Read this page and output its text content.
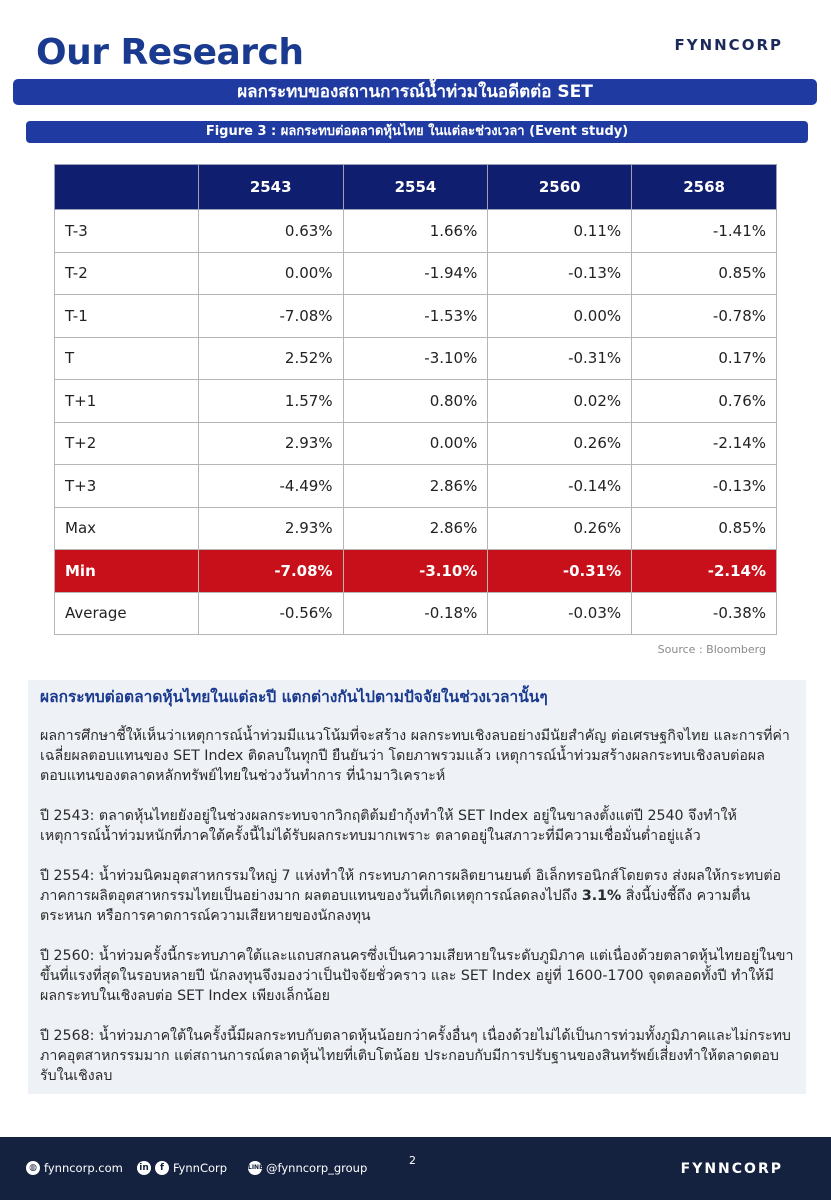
Our Research	FYNNCORP
ผลกระทบของสถานการณ์น้ำท่วมในอดีตต่อ SET
Figure 3 : ผลกระทบต่อตลาดหุ้นไทย ในแต่ละช่วงเวลา (Event study)
	2543	2554	2560	2568
T-3	0.63%	1.66%	0.11%	-1.41%
T-2	0.00%	-1.94%	-0.13%	0.85%
T-1	-7.08%	-1.53%	0.00%	-0.78%
T	2.52%	-3.10%	-0.31%	0.17%
T+1	1.57%	0.80%	0.02%	0.76%
T+2	2.93%	0.00%	0.26%	-2.14%
T+3	-4.49%	2.86%	-0.14%	-0.13%
Max	2.93%	2.86%	0.26%	0.85%
Min	-7.08%	-3.10%	-0.31%	-2.14%
Average	-0.56%	-0.18%	-0.03%	-0.38%
Source : Bloomberg
ผลกระทบต่อตลาดหุ้นไทยในแต่ละปี แตกต่างกันไปตามปัจจัยในช่วงเวลานั้นๆ

ผลการศึกษาชี้ให้เห็นว่าเหตุการณ์น้ำท่วมมีแนวโน้มที่จะสร้าง ผลกระทบเชิงลบอย่างมีนัยสำคัญ ต่อเศรษฐกิจไทย และการที่ค่าเฉลี่ยผลตอบแทนของ SET Index ติดลบในทุกปี ยืนยันว่า โดยภาพรวมแล้ว เหตุการณ์น้ำท่วมสร้างผลกระทบเชิงลบต่อผลตอบแทนของตลาดหลักทรัพย์ไทยในช่วงวันทำการ ที่นำมาวิเคราะห์

ปี 2543: ตลาดหุ้นไทยยังอยู่ในช่วงผลกระทบจากวิกฤติต้มยำกุ้งทำให้ SET Index อยู่ในขาลงตั้งแต่ปี 2540 จึงทำให้เหตุการณ์น้ำท่วมหนักที่ภาคใต้ครั้งนี้ไม่ได้รับผลกระทบมากเพราะ ตลาดอยู่ในสภาวะที่มีความเชื่อมั่นต่ำอยู่แล้ว

ปี 2554: น้ำท่วมนิคมอุตสาหกรรมใหญ่ 7 แห่งทำให้ กระทบภาคการผลิตยานยนต์ อิเล็กทรอนิกส์โดยตรง ส่งผลให้กระทบต่อภาคการผลิตอุตสาหกรรมไทยเป็นอย่างมาก ผลตอบแทนของวันที่เกิดเหตุการณ์ลดลงไปถึง 3.1% สิ่งนี้บ่งชี้ถึง ความตื่นตระหนก หรือการคาดการณ์ความเสียหายของนักลงทุน

ปี 2560: น้ำท่วมครั้งนี้กระทบภาคใต้และแถบสกลนครซึ่งเป็นความเสียหายในระดับภูมิภาค แต่เนื่องด้วยตลาดหุ้นไทยอยู่ในขาขึ้นที่แรงที่สุดในรอบหลายปี นักลงทุนจึงมองว่าเป็นปัจจัยชั่วคราว และ SET Index อยู่ที่ 1600-1700 จุดตลอดทั้งปี ทำให้มีผลกระทบในเชิงลบต่อ SET Index เพียงเล็กน้อย

ปี 2568: น้ำท่วมภาคใต้ในครั้งนี้มีผลกระทบกับตลาดหุ้นน้อยกว่าครั้งอื่นๆ เนื่องด้วยไม่ได้เป็นการท่วมทั้งภูมิภาคและไม่กระทบภาคอุตสาหกรรมมาก แต่สถานการณ์ตลาดหุ้นไทยที่เติบโตน้อย ประกอบกับมีการปรับฐานของสินทรัพย์เสี่ยงทำให้ตลาดตอบรับในเชิงลบ

◍ fynncorp.com in	f FynnCorp	LINE @fynncorp_group
2
FYNNCORP
